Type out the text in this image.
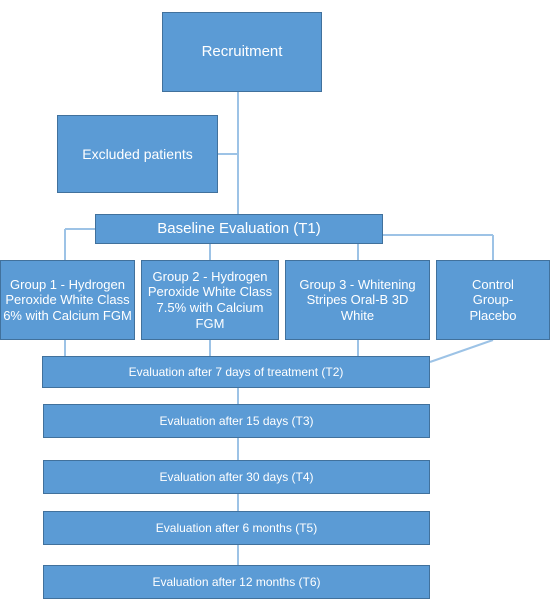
Recruitment
Excluded patients
Baseline Evaluation (T1)
Group 1 - Hydrogen Peroxide White Class 6% with Calcium FGM
Group 2 - Hydrogen Peroxide White Class 7.5% with Calcium FGM
Group 3 - Whitening Stripes Oral-B 3D White
Control Group-Placebo
Evaluation after 7 days of treatment (T2)
Evaluation after 15 days (T3)
Evaluation after 30 days (T4)
Evaluation after 6 months (T5)
Evaluation after 12 months (T6)
